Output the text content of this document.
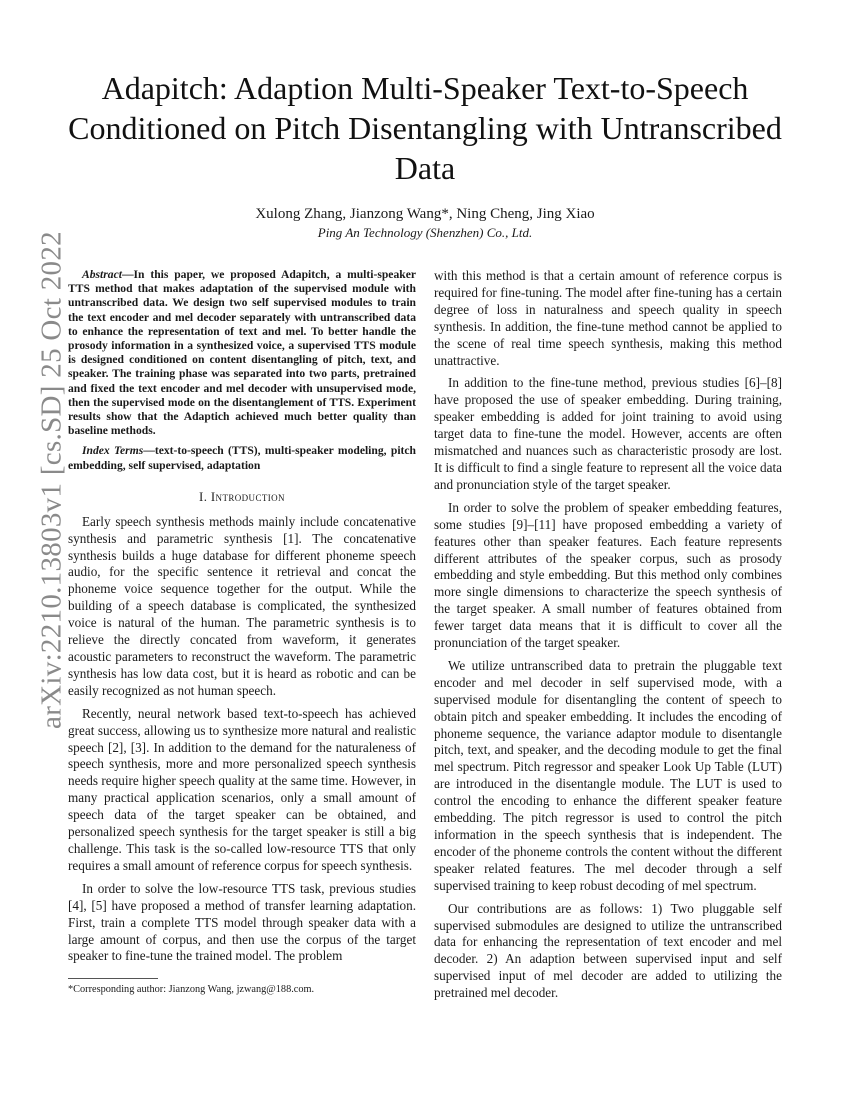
arXiv:2210.13803v1 [cs.SD] 25 Oct 2022
Adapitch: Adaption Multi-Speaker Text-to-Speech Conditioned on Pitch Disentangling with Untranscribed Data
Xulong Zhang, Jianzong Wang*, Ning Cheng, Jing Xiao
Ping An Technology (Shenzhen) Co., Ltd.

Abstract—In this paper, we proposed Adapitch, a multi-speaker TTS method that makes adaptation of the supervised module with untranscribed data. We design two self supervised modules to train the text encoder and mel decoder separately with untranscribed data to enhance the representation of text and mel. To better handle the prosody information in a synthesized voice, a supervised TTS module is designed conditioned on content disentangling of pitch, text, and speaker. The training phase was separated into two parts, pretrained and fixed the text encoder and mel decoder with unsupervised mode, then the supervised mode on the disentanglement of TTS. Experiment results show that the Adaptich achieved much better quality than baseline methods.

Index Terms—text-to-speech (TTS), multi-speaker modeling, pitch embedding, self supervised, adaptation

I. Introduction

Early speech synthesis methods mainly include concatenative synthesis and parametric synthesis [1]. The concatenative synthesis builds a huge database for different phoneme speech audio, for the specific sentence it retrieval and concat the phoneme voice sequence together for the output. While the building of a speech database is complicated, the synthesized voice is natural of the human. The parametric synthesis is to relieve the directly concated from waveform, it generates acoustic parameters to reconstruct the waveform. The parametric synthesis has low data cost, but it is heard as robotic and can be easily recognized as not human speech.

Recently, neural network based text-to-speech has achieved great success, allowing us to synthesize more natural and realistic speech [2], [3]. In addition to the demand for the naturaleness of speech synthesis, more and more personalized speech synthesis needs require higher speech quality at the same time. However, in many practical application scenarios, only a small amount of speech data of the target speaker can be obtained, and personalized speech synthesis for the target speaker is still a big challenge. This task is the so-called low-resource TTS that only requires a small amount of reference corpus for speech synthesis.

In order to solve the low-resource TTS task, previous studies [4], [5] have proposed a method of transfer learning adaptation. First, train a complete TTS model through speaker data with a large amount of corpus, and then use the corpus of the target speaker to fine-tune the trained model. The problem

with this method is that a certain amount of reference corpus is required for fine-tuning. The model after fine-tuning has a certain degree of loss in naturalness and speech quality in speech synthesis. In addition, the fine-tune method cannot be applied to the scene of real time speech synthesis, making this method unattractive.

In addition to the fine-tune method, previous studies [6]–[8] have proposed the use of speaker embedding. During training, speaker embedding is added for joint training to avoid using target data to fine-tune the model. However, accents are often mismatched and nuances such as characteristic prosody are lost. It is difficult to find a single feature to represent all the voice data and pronunciation style of the target speaker.

In order to solve the problem of speaker embedding features, some studies [9]–[11] have proposed embedding a variety of features other than speaker features. Each feature represents different attributes of the speaker corpus, such as prosody embedding and style embedding. But this method only combines more single dimensions to characterize the speech synthesis of the target speaker. A small number of features obtained from fewer target data means that it is difficult to cover all the pronunciation of the target speaker.

We utilize untranscribed data to pretrain the pluggable text encoder and mel decoder in self supervised mode, with a supervised module for disentangling the content of speech to obtain pitch and speaker embedding. It includes the encoding of phoneme sequence, the variance adaptor module to disentangle pitch, text, and speaker, and the decoding module to get the final mel spectrum. Pitch regressor and speaker Look Up Table (LUT) are introduced in the disentangle module. The LUT is used to control the encoding to enhance the different speaker feature embedding. The pitch regressor is used to control the pitch information in the speech synthesis that is independent. The encoder of the phoneme controls the content without the different speaker related features. The mel decoder through a self supervised training to keep robust decoding of mel spectrum.

Our contributions are as follows: 1) Two pluggable self supervised submodules are designed to utilize the untranscribed data for enhancing the representation of text encoder and mel decoder. 2) An adaption between supervised input and self supervised input of mel decoder are added to utilizing the pretrained mel decoder.

*Corresponding author: Jianzong Wang, jzwang@188.com.
